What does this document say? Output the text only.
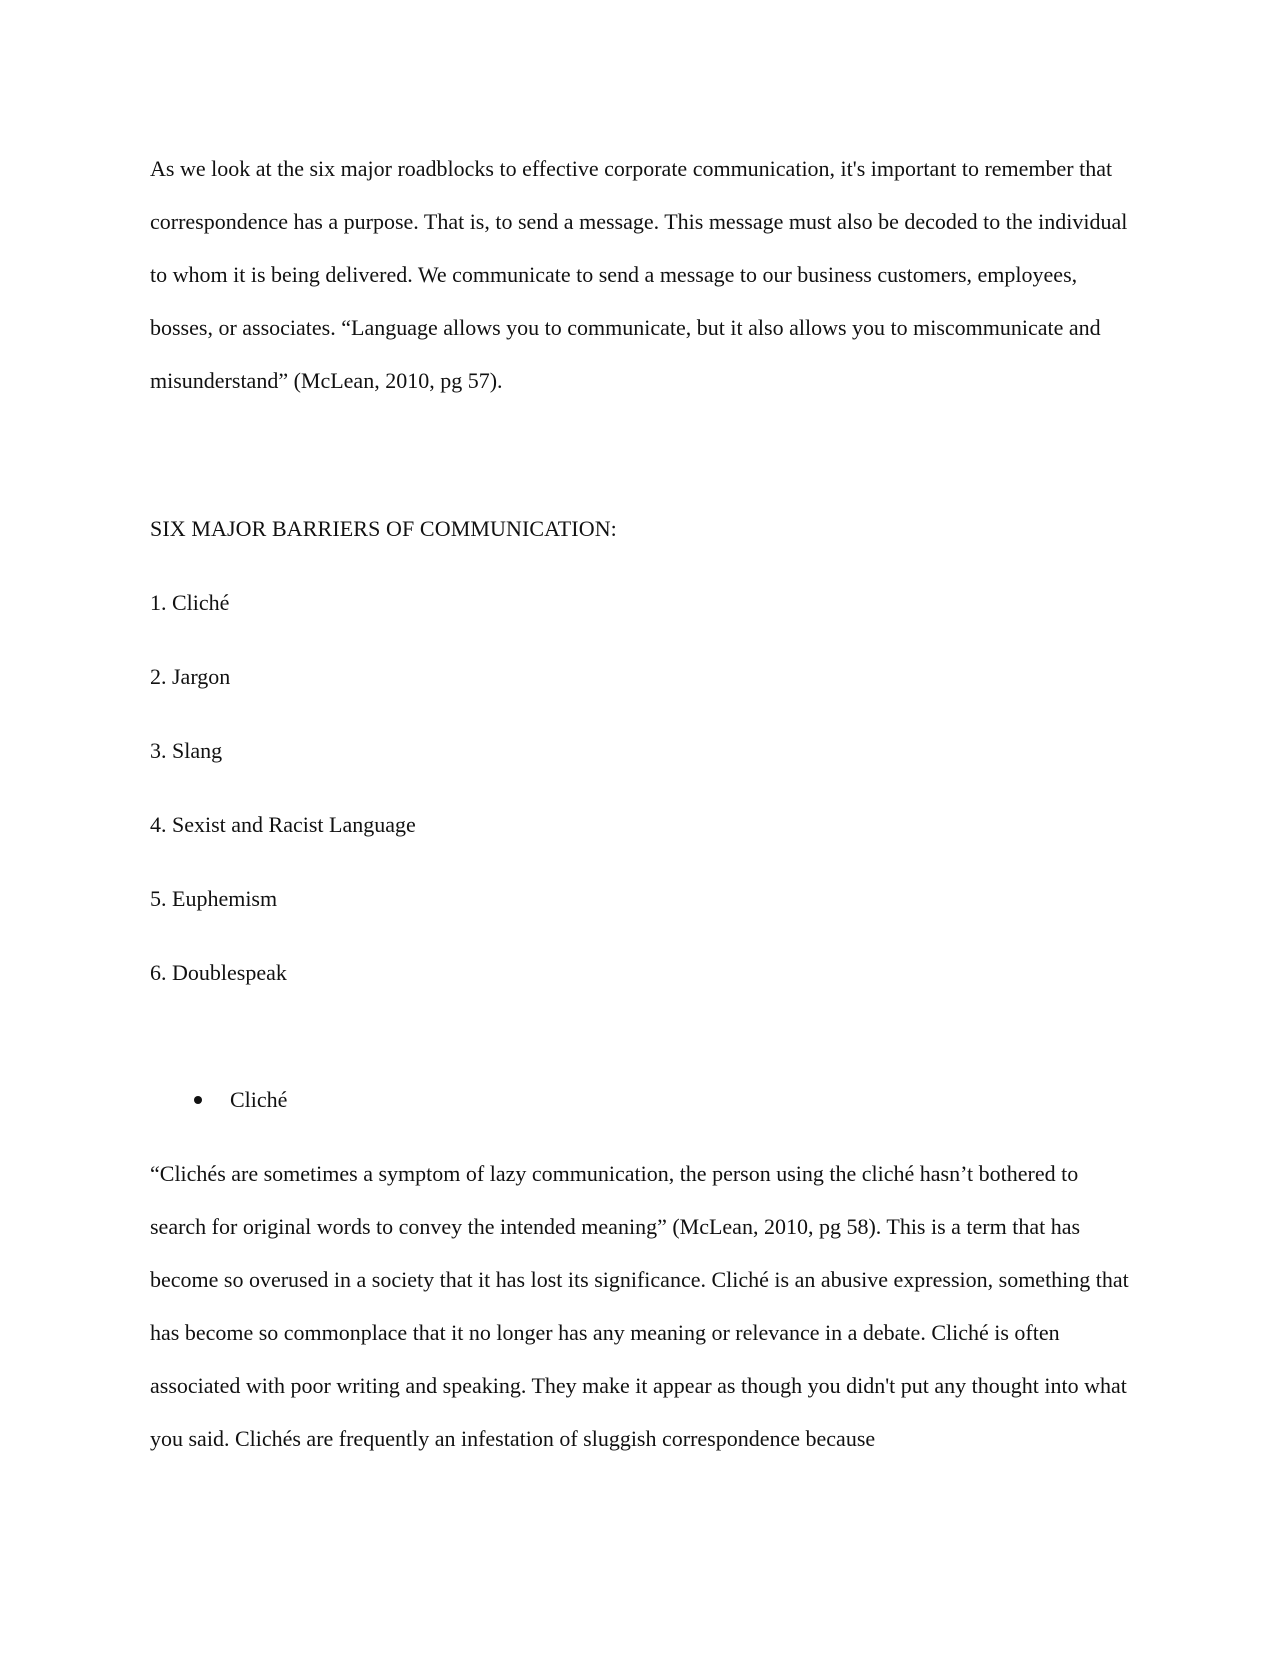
As we look at the six major roadblocks to effective corporate communication, it's important to remember that correspondence has a purpose. That is, to send a message. This message must also be decoded to the individual to whom it is being delivered. We communicate to send a message to our business customers, employees, bosses, or associates. “Language allows you to communicate, but it also allows you to miscommunicate and misunderstand” (McLean, 2010, pg 57).

SIX MAJOR BARRIERS OF COMMUNICATION:

1. Cliché
2. Jargon
3. Slang
4. Sexist and Racist Language
5. Euphemism
6. Doublespeak
Cliché

“Clichés are sometimes a symptom of lazy communication, the person using the cliché hasn’t bothered to search for original words to convey the intended meaning” (McLean, 2010, pg 58). This is a term that has become so overused in a society that it has lost its significance. Cliché is an abusive expression, something that has become so commonplace that it no longer has any meaning or relevance in a debate. Cliché is often associated with poor writing and speaking. They make it appear as though you didn't put any thought into what you said. Clichés are frequently an infestation of sluggish correspondence because
